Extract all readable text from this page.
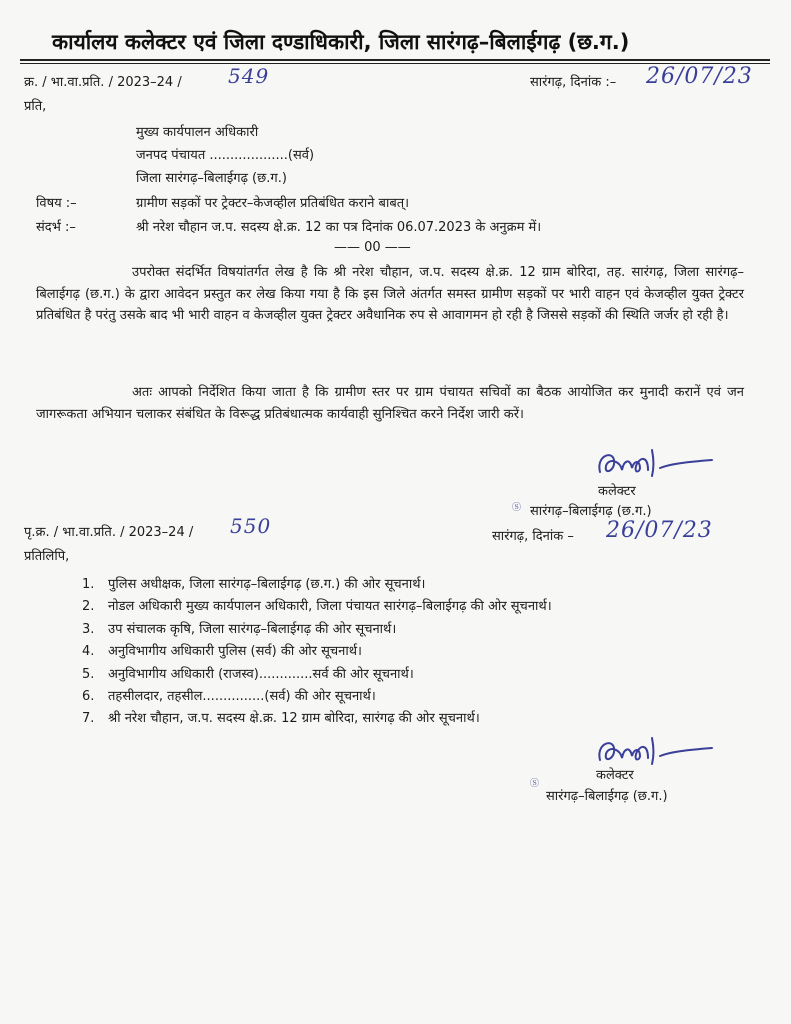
कार्यालय कलेक्टर एवं जिला दण्डाधिकारी, जिला सारंगढ़–बिलाईगढ़ (छ.ग.)
क्र. / भा.वा.प्रति. / 2023–24 / 549	सारंगढ़, दिनांक :– 26/07/23
प्रति,
मुख्य कार्यपालन अधिकारी
जनपद पंचायत ...................(सर्व)
जिला सारंगढ़–बिलाईगढ़ (छ.ग.)
विषय :–	ग्रामीण सड़कों पर ट्रेक्टर–केजव्हील प्रतिबंधित कराने बाबत्।
संदर्भ :–	श्री नरेश चौहान ज.प. सदस्य क्षे.क्र. 12 का पत्र दिनांक 06.07.2023 के अनुक्रम में।
—— 00 ——
उपरोक्त संदर्भित विषयांतर्गत लेख है कि श्री नरेश चौहान, ज.प. सदस्य क्षे.क्र. 12 ग्राम बोरिदा, तह. सारंगढ़, जिला सारंगढ़–बिलाईगढ़ (छ.ग.) के द्वारा आवेदन प्रस्तुत कर लेख किया गया है कि इस जिले अंतर्गत समस्त ग्रामीण सड़कों पर भारी वाहन एवं केजव्हील युक्त ट्रेक्टर प्रतिबंधित है परंतु उसके बाद भी भारी वाहन व केजव्हील युक्त ट्रेक्टर अवैधानिक रुप से आवागमन हो रही है जिससे सड़कों की स्थिति जर्जर हो रही है।
अतः आपको निर्देशित किया जाता है कि ग्रामीण स्तर पर ग्राम पंचायत सचिवों का बैठक आयोजित कर मुनादी करानें एवं जन जागरूकता अभियान चलाकर संबंधित के विरूद्ध प्रतिबंधात्मक कार्यवाही सुनिश्चित करने निर्देश जारी करें।
कलेक्टर
Ⓢ सारंगढ़–बिलाईगढ़ (छ.ग.)
पृ.क्र. / भा.वा.प्रति. / 2023–24 / 550	सारंगढ़, दिनांक – 26/07/23
प्रतिलिपि,
1. पुलिस अधीक्षक, जिला सारंगढ़–बिलाईगढ़ (छ.ग.) की ओर सूचनार्थ।
2. नोडल अधिकारी मुख्य कार्यपालन अधिकारी, जिला पंचायत सारंगढ़–बिलाईगढ़ की ओर सूचनार्थ।
3. उप संचालक कृषि, जिला सारंगढ़–बिलाईगढ़ की ओर सूचनार्थ।
4. अनुविभागीय अधिकारी पुलिस (सर्व) की ओर सूचनार्थ।
5. अनुविभागीय अधिकारी (राजस्व).............सर्व की ओर सूचनार्थ।
6. तहसीलदार, तहसील...............(सर्व) की ओर सूचनार्थ।
7. श्री नरेश चौहान, ज.प. सदस्य क्षे.क्र. 12 ग्राम बोरिदा, सारंगढ़ की ओर सूचनार्थ।
कलेक्टर
Ⓢ
सारंगढ़–बिलाईगढ़ (छ.ग.)
